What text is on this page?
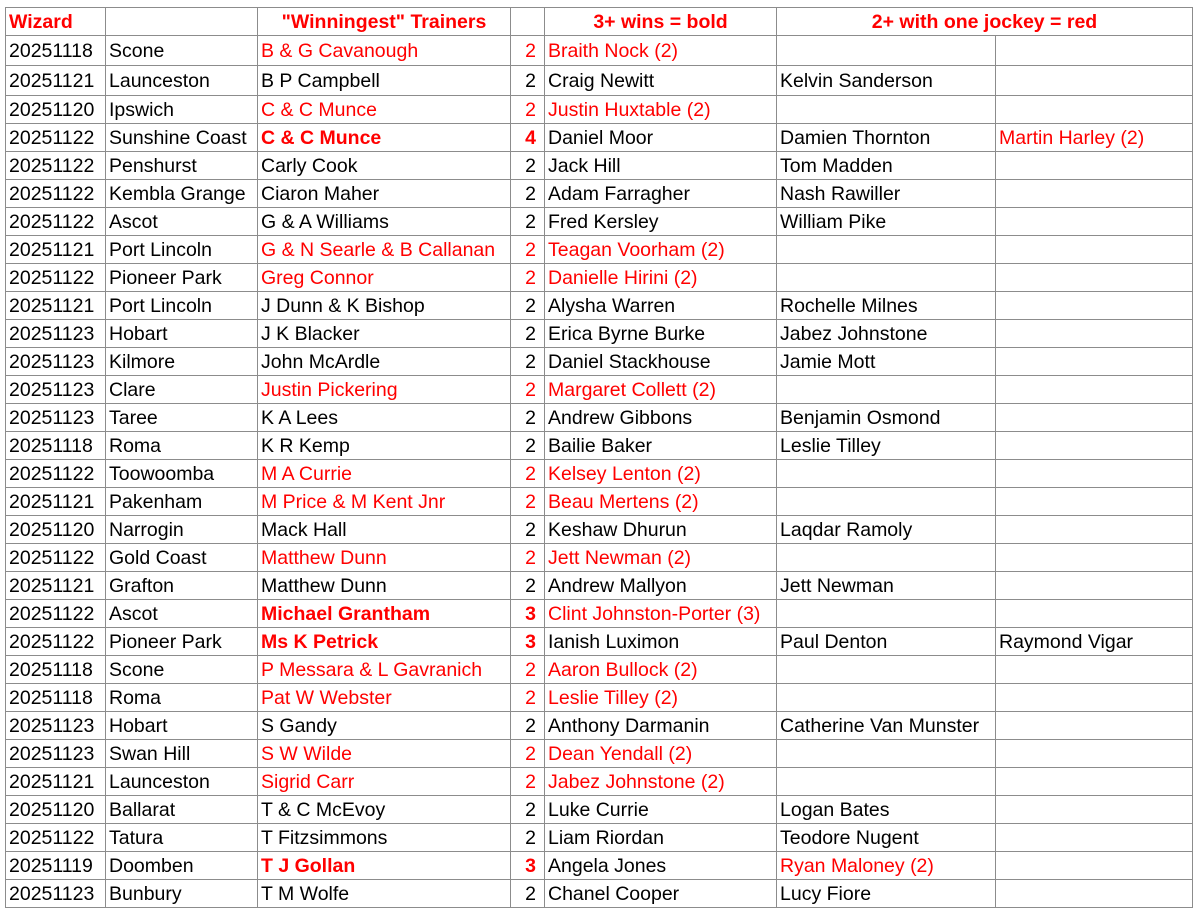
Wizard		"Winningest" Trainers		3+ wins = bold	2+ with one jockey = red	
20251118	Scone	B & G Cavanough	2	Braith Nock (2)		
20251121	Launceston	B P Campbell	2	Craig Newitt	Kelvin Sanderson	
20251120	Ipswich	C & C Munce	2	Justin Huxtable (2)		
20251122	Sunshine Coast	C & C Munce	4	Daniel Moor	Damien Thornton	Martin Harley (2)
20251122	Penshurst	Carly Cook	2	Jack Hill	Tom Madden	
20251122	Kembla Grange	Ciaron Maher	2	Adam Farragher	Nash Rawiller	
20251122	Ascot	G & A Williams	2	Fred Kersley	William Pike	
20251121	Port Lincoln	G & N Searle & B Callanan	2	Teagan Voorham (2)		
20251122	Pioneer Park	Greg Connor	2	Danielle Hirini (2)		
20251121	Port Lincoln	J Dunn & K Bishop	2	Alysha Warren	Rochelle Milnes	
20251123	Hobart	J K Blacker	2	Erica Byrne Burke	Jabez Johnstone	
20251123	Kilmore	John McArdle	2	Daniel Stackhouse	Jamie Mott	
20251123	Clare	Justin Pickering	2	Margaret Collett (2)		
20251123	Taree	K A Lees	2	Andrew Gibbons	Benjamin Osmond	
20251118	Roma	K R Kemp	2	Bailie Baker	Leslie Tilley	
20251122	Toowoomba	M A Currie	2	Kelsey Lenton (2)		
20251121	Pakenham	M Price & M Kent Jnr	2	Beau Mertens (2)		
20251120	Narrogin	Mack Hall	2	Keshaw Dhurun	Laqdar Ramoly	
20251122	Gold Coast	Matthew Dunn	2	Jett Newman (2)		
20251121	Grafton	Matthew Dunn	2	Andrew Mallyon	Jett Newman	
20251122	Ascot	Michael Grantham	3	Clint Johnston-Porter (3)		
20251122	Pioneer Park	Ms K Petrick	3	Ianish Luximon	Paul Denton	Raymond Vigar
20251118	Scone	P Messara & L Gavranich	2	Aaron Bullock (2)		
20251118	Roma	Pat W Webster	2	Leslie Tilley (2)		
20251123	Hobart	S Gandy	2	Anthony Darmanin	Catherine Van Munster	
20251123	Swan Hill	S W Wilde	2	Dean Yendall (2)		
20251121	Launceston	Sigrid Carr	2	Jabez Johnstone (2)		
20251120	Ballarat	T & C McEvoy	2	Luke Currie	Logan Bates	
20251122	Tatura	T Fitzsimmons	2	Liam Riordan	Teodore Nugent	
20251119	Doomben	T J Gollan	3	Angela Jones	Ryan Maloney (2)	
20251123	Bunbury	T M Wolfe	2	Chanel Cooper	Lucy Fiore	
